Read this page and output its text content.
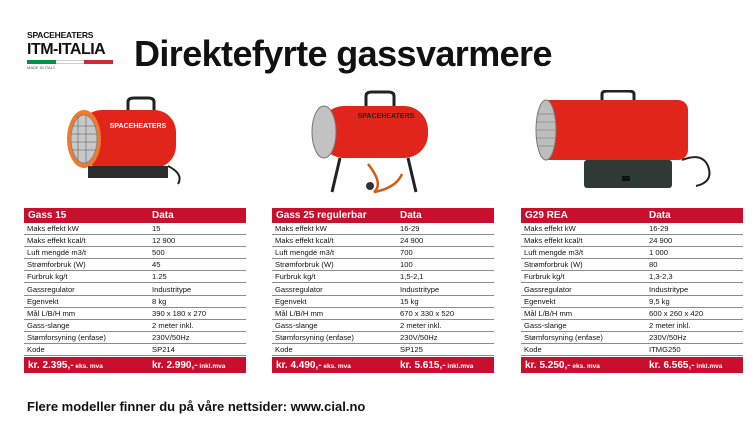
SPACEHEATERS
ITM-ITALIA
MADE IN ITALY	Direktefyrte gassvarmere
SPACEHEATERS
SPACEHEATERS
Gass 15	Data
Maks effekt kW	15
Maks effekt kcal/t	12 900
Luft mengde m3/t	500
Strømforbruk (W)	45
Furbruk kg/t	1.25
Gassregulator	Industritype
Egenvekt	8 kg
Mål L/B/H mm	390 x 180 x 270
Gass-slange	2 meter inkl.
Stømforsyning (enfase)	230V/50Hz
Kode	SP214
kr. 2.395,- eks. mva	kr. 2.990,- inkl.mva
Gass 25 regulerbar	Data
Maks effekt kW	16-29
Maks effekt kcal/t	24 900
Luft mengde m3/t	700
Strømforbruk (W)	100
Furbruk kg/t	1,5-2,1
Gassregulator	Industritype
Egenvekt	15 kg
Mål L/B/H mm	670 x 330 x 520
Gass-slange	2 meter inkl.
Stømforsyning (enfase)	230V/50Hz
Kode	SP125
kr. 4.490,- eks. mva	kr. 5.615,- inkl.mva
G29 REA	Data
Maks effekt kW	16-29
Maks effekt kcal/t	24 900
Luft mengde m3/t	1 000
Strømforbruk (W)	80
Furbruk kg/t	1,3-2,3
Gassregulator	Industritype
Egenvekt	9,5 kg
Mål L/B/H mm	600 x 260 x 420
Gass-slange	2 meter inkl.
Stømforsyning (enfase)	230V/50Hz
Kode	ITMG250
kr. 5.250,- eks. mva	kr. 6.565,- inkl.mva
Flere modeller finner du på våre nettsider: www.cial.no
